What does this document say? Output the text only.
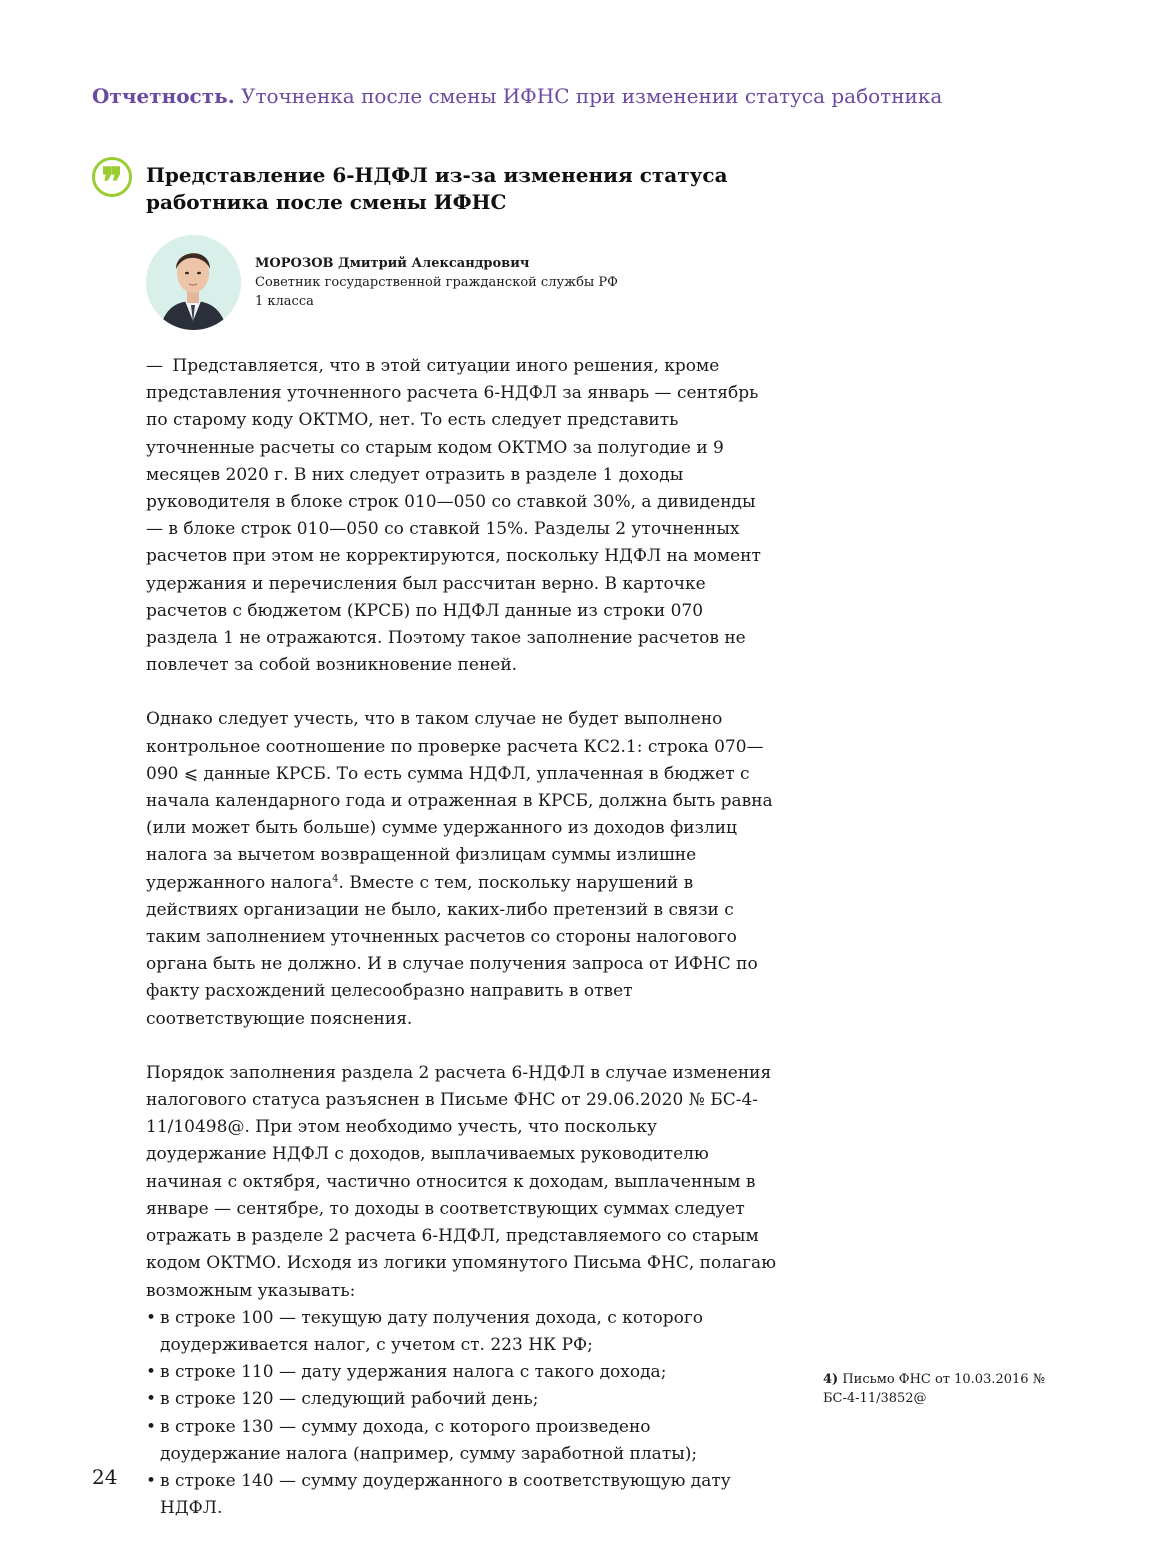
Отчетность. Уточненка после смены ИФНС при изменении статуса работника
❞	Представление 6-НДФЛ из-за изменения статуса работника после смены ИФНС
МОРОЗОВ Дмитрий Александрович
Советник государственной гражданской службы РФ
1 класса

— Представляется, что в этой ситуации иного решения, кроме представления уточненного расчета 6-НДФЛ за январь — сентябрь по старому коду ОКТМО, нет. То есть следует представить уточненные расчеты со старым кодом ОКТМО за полугодие и 9 месяцев 2020 г. В них следует отразить в разделе 1 доходы руководителя в блоке строк 010—050 со ставкой 30%, а дивиденды — в блоке строк 010—050 со ставкой 15%. Разделы 2 уточненных расчетов при этом не корректируются, поскольку НДФЛ на момент удержания и перечисления был рассчитан верно. В карточке расчетов с бюджетом (КРСБ) по НДФЛ данные из строки 070 раздела 1 не отражаются. Поэтому такое заполнение расчетов не повлечет за собой возникновение пеней.

Однако следует учесть, что в таком случае не будет выполнено контрольное соотношение по проверке расчета КС2.1: строка 070—090 ⩽ данные КРСБ. То есть сумма НДФЛ, уплаченная в бюджет с начала календарного года и отраженная в КРСБ, должна быть равна (или может быть больше) сумме удержанного из доходов физлиц налога за вычетом возвращенной физлицам суммы излишне удержанного налога$^4$. Вместе с тем, поскольку нарушений в действиях организации не было, каких-либо претензий в связи с таким заполнением уточненных расчетов со стороны налогового органа быть не должно. И в случае получения запроса от ИФНС по факту расхождений целесообразно направить в ответ соответствующие пояснения.

Порядок заполнения раздела 2 расчета 6-НДФЛ в случае изменения налогового статуса разъяснен в Письме ФНС от 29.06.2020 № БС-4-11/10498@. При этом необходимо учесть, что поскольку доудержание НДФЛ с доходов, выплачиваемых руководителю начиная с октября, частично относится к доходам, выплаченным в январе — сентябре, то доходы в соответствующих суммах следует отражать в разделе 2 расчета 6-НДФЛ, представляемого со старым кодом ОКТМО. Исходя из логики упомянутого Письма ФНС, полагаю возможным указывать:

• в строке 100 — текущую дату получения дохода, с которого доудерживается налог, с учетом ст. 223 НК РФ;
• в строке 110 — дату удержания налога с такого дохода;
• в строке 120 — следующий рабочий день;
• в строке 130 — сумму дохода, с которого произведено доудержание налога (например, сумму заработной платы);
• в строке 140 — сумму доудержанного в соответствующую дату НДФЛ.
4) Письмо ФНС от 10.03.2016 № БС-4-11/3852@
24
